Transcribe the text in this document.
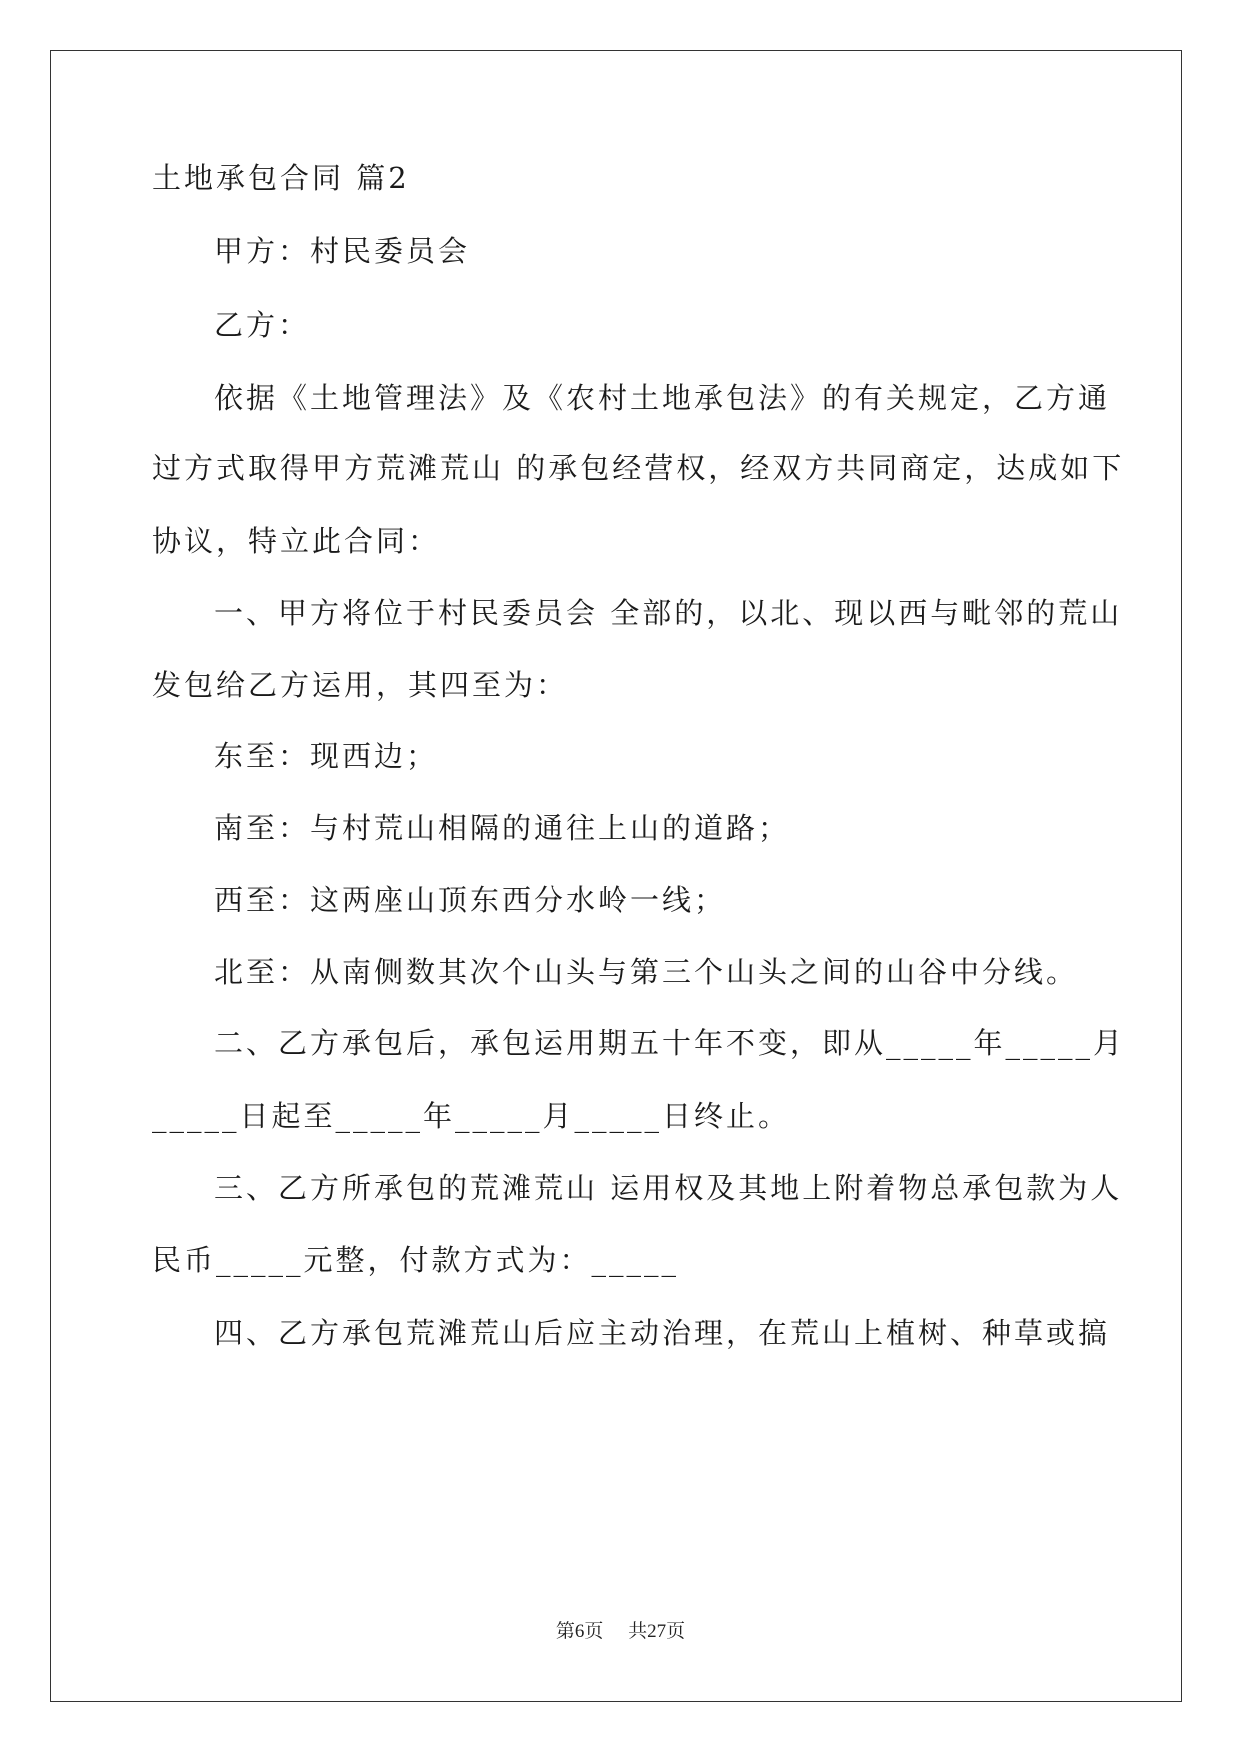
土地承包合同 篇2
甲方：村民委员会
乙方：
依据《土地管理法》及《农村土地承包法》的有关规定，乙方通
过方式取得甲方荒滩荒山 的承包经营权，经双方共同商定，达成如下
协议，特立此合同：
一、甲方将位于村民委员会 全部的，以北、现以西与毗邻的荒山
发包给乙方运用，其四至为：
东至：现西边；
南至：与村荒山相隔的通往上山的道路；
西至：这两座山顶东西分水岭一线；
北至：从南侧数其次个山头与第三个山头之间的山谷中分线。
二、乙方承包后，承包运用期五十年不变，即从_____年_____月
_____日起至_____年_____月_____日终止。
三、乙方所承包的荒滩荒山 运用权及其地上附着物总承包款为人
民币_____元整，付款方式为：_____
四、乙方承包荒滩荒山后应主动治理，在荒山上植树、种草或搞
第6页 共27页
